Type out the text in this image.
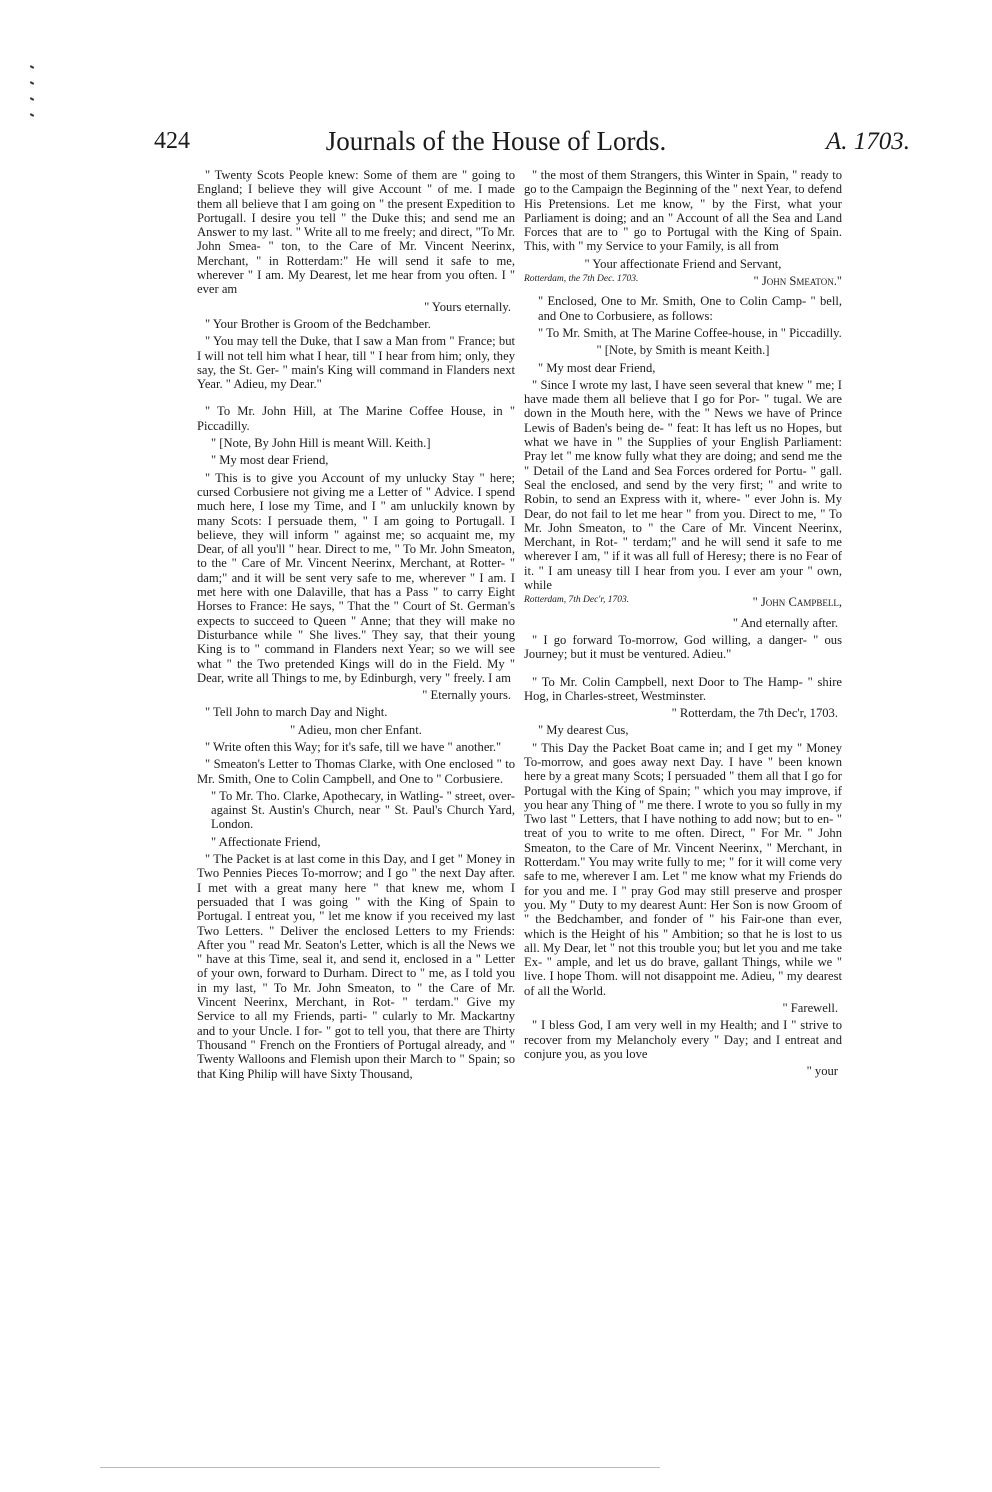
424	Journals of the House of Lords.	A. 1703.

" Twenty Scots People knew: Some of them are " going to England; I believe they will give Account " of me. I made them all believe that I am going on " the present Expedition to Portugall. I desire you tell " the Duke this; and send me an Answer to my last. " Write all to me freely; and direct, "To Mr. John Smea- " ton, to the Care of Mr. Vincent Neerinx, Merchant, " in Rotterdam:" He will send it safe to me, wherever " I am. My Dearest, let me hear from you often. I " ever am

" Yours eternally.

" Your Brother is Groom of the Bedchamber.

" You may tell the Duke, that I saw a Man from " France; but I will not tell him what I hear, till " I hear from him; only, they say, the St. Ger- " main's King will command in Flanders next Year. " Adieu, my Dear."

" To Mr. John Hill, at The Marine Coffee House, in " Piccadilly.

" [Note, By John Hill is meant Will. Keith.]

" My most dear Friend,

" This is to give you Account of my unlucky Stay " here; cursed Corbusiere not giving me a Letter of " Advice. I spend much here, I lose my Time, and I " am unluckily known by many Scots: I persuade them, " I am going to Portugall. I believe, they will inform " against me; so acquaint me, my Dear, of all you'll " hear. Direct to me, " To Mr. John Smeaton, to the " Care of Mr. Vincent Neerinx, Merchant, at Rotter- " dam;" and it will be sent very safe to me, wherever " I am. I met here with one Dalaville, that has a Pass " to carry Eight Horses to France: He says, " That the " Court of St. German's expects to succeed to Queen " Anne; that they will make no Disturbance while " She lives." They say, that their young King is to " command in Flanders next Year; so we will see what " the Two pretended Kings will do in the Field. My " Dear, write all Things to me, by Edinburgh, very " freely. I am

" Eternally yours.

" Tell John to march Day and Night.

" Adieu, mon cher Enfant.

" Write often this Way; for it's safe, till we have " another."

" Smeaton's Letter to Thomas Clarke, with One enclosed " to Mr. Smith, One to Colin Campbell, and One to " Corbusiere.

" To Mr. Tho. Clarke, Apothecary, in Watling- " street, over-against St. Austin's Church, near " St. Paul's Church Yard, London.

" Affectionate Friend,

" The Packet is at last come in this Day, and I get " Money in Two Pennies Pieces To-morrow; and I go " the next Day after. I met with a great many here " that knew me, whom I persuaded that I was going " with the King of Spain to Portugal. I entreat you, " let me know if you received my last Two Letters. " Deliver the enclosed Letters to my Friends: After you " read Mr. Seaton's Letter, which is all the News we " have at this Time, seal it, and send it, enclosed in a " Letter of your own, forward to Durham. Direct to " me, as I told you in my last, " To Mr. John Smeaton, to " the Care of Mr. Vincent Neerinx, Merchant, in Rot- " terdam." Give my Service to all my Friends, parti- " cularly to Mr. Mackartny and to your Uncle. I for- " got to tell you, that there are Thirty Thousand " French on the Frontiers of Portugal already, and " Twenty Walloons and Flemish upon their March to " Spain; so that King Philip will have Sixty Thousand,

" the most of them Strangers, this Winter in Spain, " ready to go to the Campaign the Beginning of the " next Year, to defend His Pretensions. Let me know, " by the First, what your Parliament is doing; and an " Account of all the Sea and Land Forces that are to " go to Portugal with the King of Spain. This, with " my Service to your Family, is all from

" Your affectionate Friend and Servant,

Rotterdam, the 7th Dec. 1703.	" John Smeaton."

" Enclosed, One to Mr. Smith, One to Colin Camp- " bell, and One to Corbusiere, as follows:

" To Mr. Smith, at The Marine Coffee-house, in " Piccadilly.

" [Note, by Smith is meant Keith.]

" My most dear Friend,

" Since I wrote my last, I have seen several that knew " me; I have made them all believe that I go for Por- " tugal. We are down in the Mouth here, with the " News we have of Prince Lewis of Baden's being de- " feat: It has left us no Hopes, but what we have in " the Supplies of your English Parliament: Pray let " me know fully what they are doing; and send me the " Detail of the Land and Sea Forces ordered for Portu- " gall. Seal the enclosed, and send by the very first; " and write to Robin, to send an Express with it, where- " ever John is. My Dear, do not fail to let me hear " from you. Direct to me, " To Mr. John Smeaton, to " the Care of Mr. Vincent Neerinx, Merchant, in Rot- " terdam;" and he will send it safe to me wherever I am, " if it was all full of Heresy; there is no Fear of it. " I am uneasy till I hear from you. I ever am your " own, while

Rotterdam, 7th Dec'r, 1703.	" John Campbell,

" And eternally after.

" I go forward To-morrow, God willing, a danger- " ous Journey; but it must be ventured. Adieu."

" To Mr. Colin Campbell, next Door to The Hamp- " shire Hog, in Charles-street, Westminster.

" Rotterdam, the 7th Dec'r, 1703.

" My dearest Cus,

" This Day the Packet Boat came in; and I get my " Money To-morrow, and goes away next Day. I have " been known here by a great many Scots; I persuaded " them all that I go for Portugal with the King of Spain; " which you may improve, if you hear any Thing of " me there. I wrote to you so fully in my Two last " Letters, that I have nothing to add now; but to en- " treat of you to write to me often. Direct, " For Mr. " John Smeaton, to the Care of Mr. Vincent Neerinx, " Merchant, in Rotterdam." You may write fully to me; " for it will come very safe to me, wherever I am. Let " me know what my Friends do for you and me. I " pray God may still preserve and prosper you. My " Duty to my dearest Aunt: Her Son is now Groom of " the Bedchamber, and fonder of " his Fair-one than ever, which is the Height of his " Ambition; so that he is lost to us all. My Dear, let " not this trouble you; but let you and me take Ex- " ample, and let us do brave, gallant Things, while we " live. I hope Thom. will not disappoint me. Adieu, " my dearest of all the World.

" Farewell.

" I bless God, I am very well in my Health; and I " strive to recover from my Melancholy every " Day; and I entreat and conjure you, as you love

" your
